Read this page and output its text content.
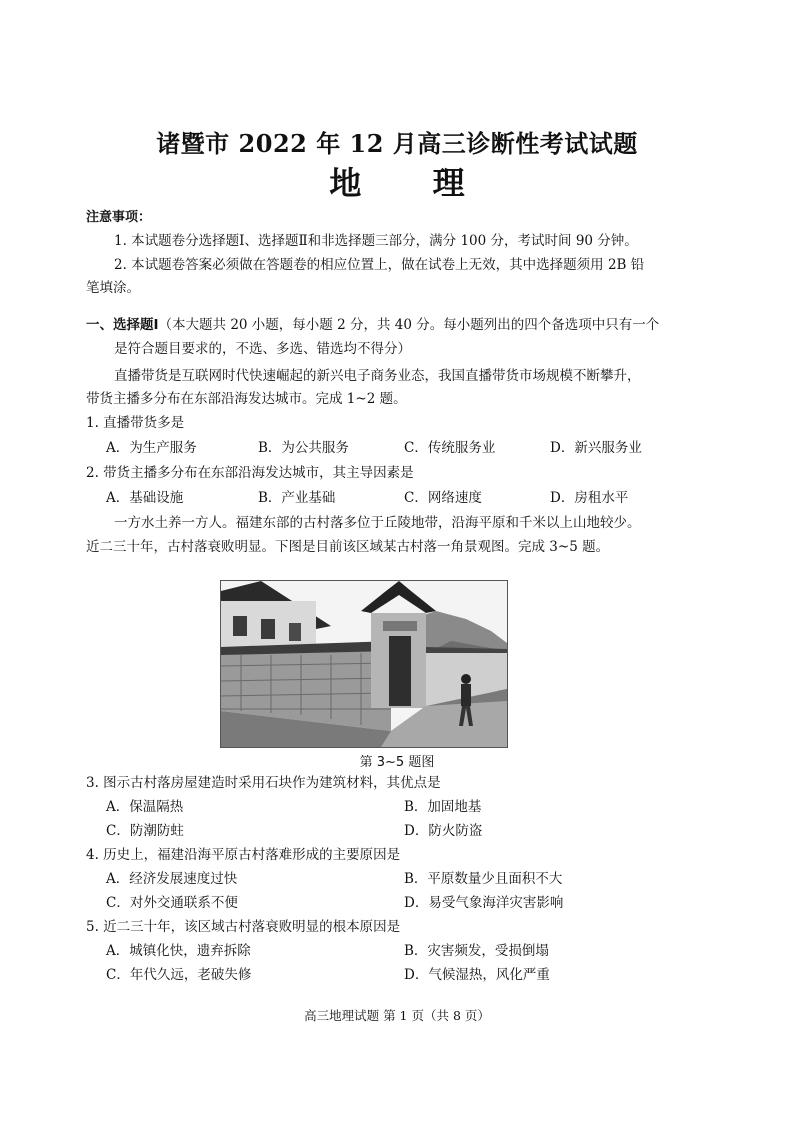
诸暨市 2022 年 12 月高三诊断性考试试题
地 理
注意事项：
1. 本试题卷分选择题Ⅰ、选择题Ⅱ和非选择题三部分，满分 100 分，考试时间 90 分钟。
2. 本试题卷答案必须做在答题卷的相应位置上，做在试卷上无效，其中选择题须用 2B 铅
笔填涂。
一、选择题Ⅰ（本大题共 20 小题，每小题 2 分，共 40 分。每小题列出的四个备选项中只有一个
是符合题目要求的，不选、多选、错选均不得分）
直播带货是互联网时代快速崛起的新兴电子商务业态，我国直播带货市场规模不断攀升，
带货主播多分布在东部沿海发达城市。完成 1~2 题。
1. 直播带货多是
A．为生产服务	B．为公共服务	C．传统服务业	D．新兴服务业
2. 带货主播多分布在东部沿海发达城市，其主导因素是
A．基础设施	B．产业基础	C．网络速度	D．房租水平
一方水土养一方人。福建东部的古村落多位于丘陵地带，沿海平原和千米以上山地较少。
近二三十年，古村落衰败明显。下图是目前该区域某古村落一角景观图。完成 3~5 题。
第 3~5 题图
3. 图示古村落房屋建造时采用石块作为建筑材料，其优点是
A．保温隔热	B．加固地基
C．防潮防蛀	D．防火防盗
4. 历史上，福建沿海平原古村落难形成的主要原因是
A．经济发展速度过快	B．平原数量少且面积不大
C．对外交通联系不便	D．易受气象海洋灾害影响
5. 近二三十年，该区域古村落衰败明显的根本原因是
A．城镇化快，遗弃拆除	B．灾害频发，受损倒塌
C．年代久远，老破失修	D．气候湿热，风化严重
高三地理试题 第 1 页（共 8 页）
